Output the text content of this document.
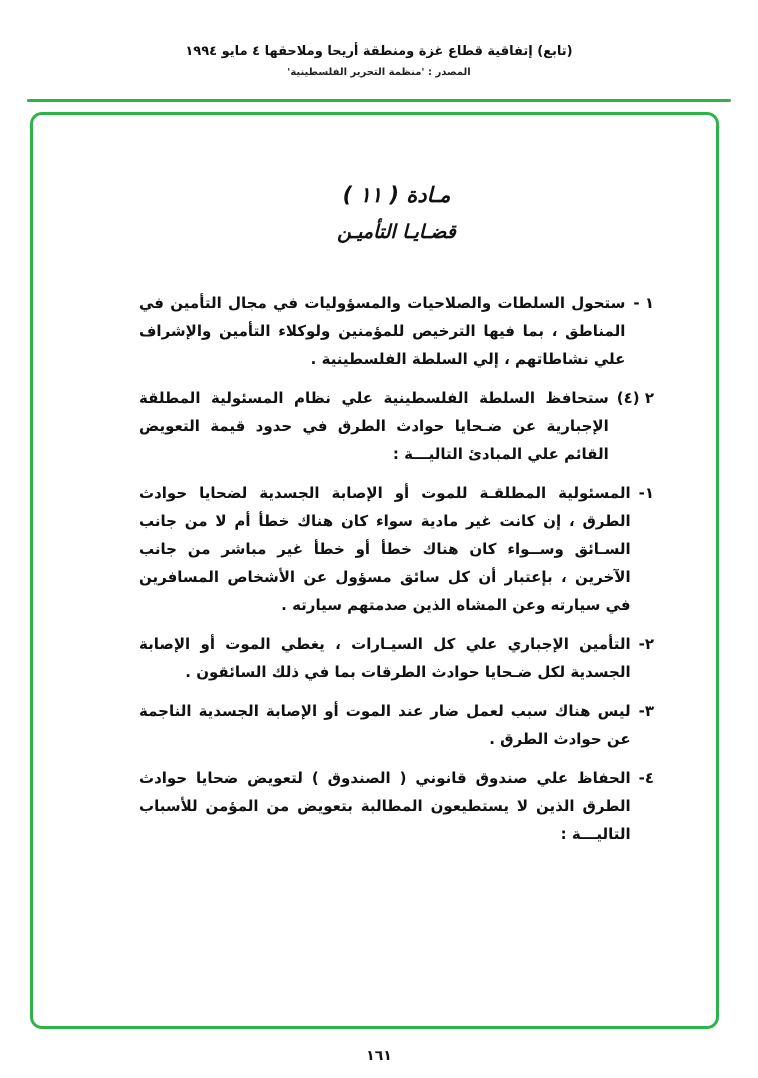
(تابع) إتفاقية قطاع غزة ومنطقة أريحا وملاحقها ٤ مايو ١٩٩٤
المصدر : 'منظمة التحرير الفلسطينية'
مـادة ( ١١ )
قضـايـا التأميـن
١ -
ستحول السلطات والصلاحيات والمسؤوليات في مجال التأمين في المناطق ، بما فيها الترخيص للمؤمنين ولوكلاء التأمين والإشراف علي نشاطاتهم ، إلي السلطة الفلسطينية .
٢ (٤)
ستحافظ السلطة الفلسطينية علي نظام المسئولية المطلقة الإجبارية عن ضـحايا حوادث الطرق في حدود قيمة التعويض القائم علي المبادئ التاليـــة :
١-
المسئولية المطلقـة للموت أو الإصابة الجسدية لضحايا حوادث الطرق ، إن كانت غير مادية سواء كان هناك خطأ أم لا من جانب السـائق وســواء كان هناك خطأ أو خطأ غير مباشر من جانب الآخرين ، بإعتبار أن كل سائق مسؤول عن الأشخاص المسافرين في سيارته وعن المشاه الذين صدمتهم سيارته .
٢-
التأمين الإجباري علي كل السيـارات ، يغطي الموت أو الإصابة الجسدية لكل ضـحايا حوادث الطرقات بما في ذلك السائقون .
٣-
ليس هناك سبب لعمل ضار عند الموت أو الإصابة الجسدية الناجمة عن حوادث الطرق .
٤-
الحفاظ علي صندوق قانوني ( الصندوق ) لتعويض ضحايا حوادث الطرق الذين لا يستطيعون المطالبة بتعويض من المؤمن للأسباب التاليـــة :
١٦١
